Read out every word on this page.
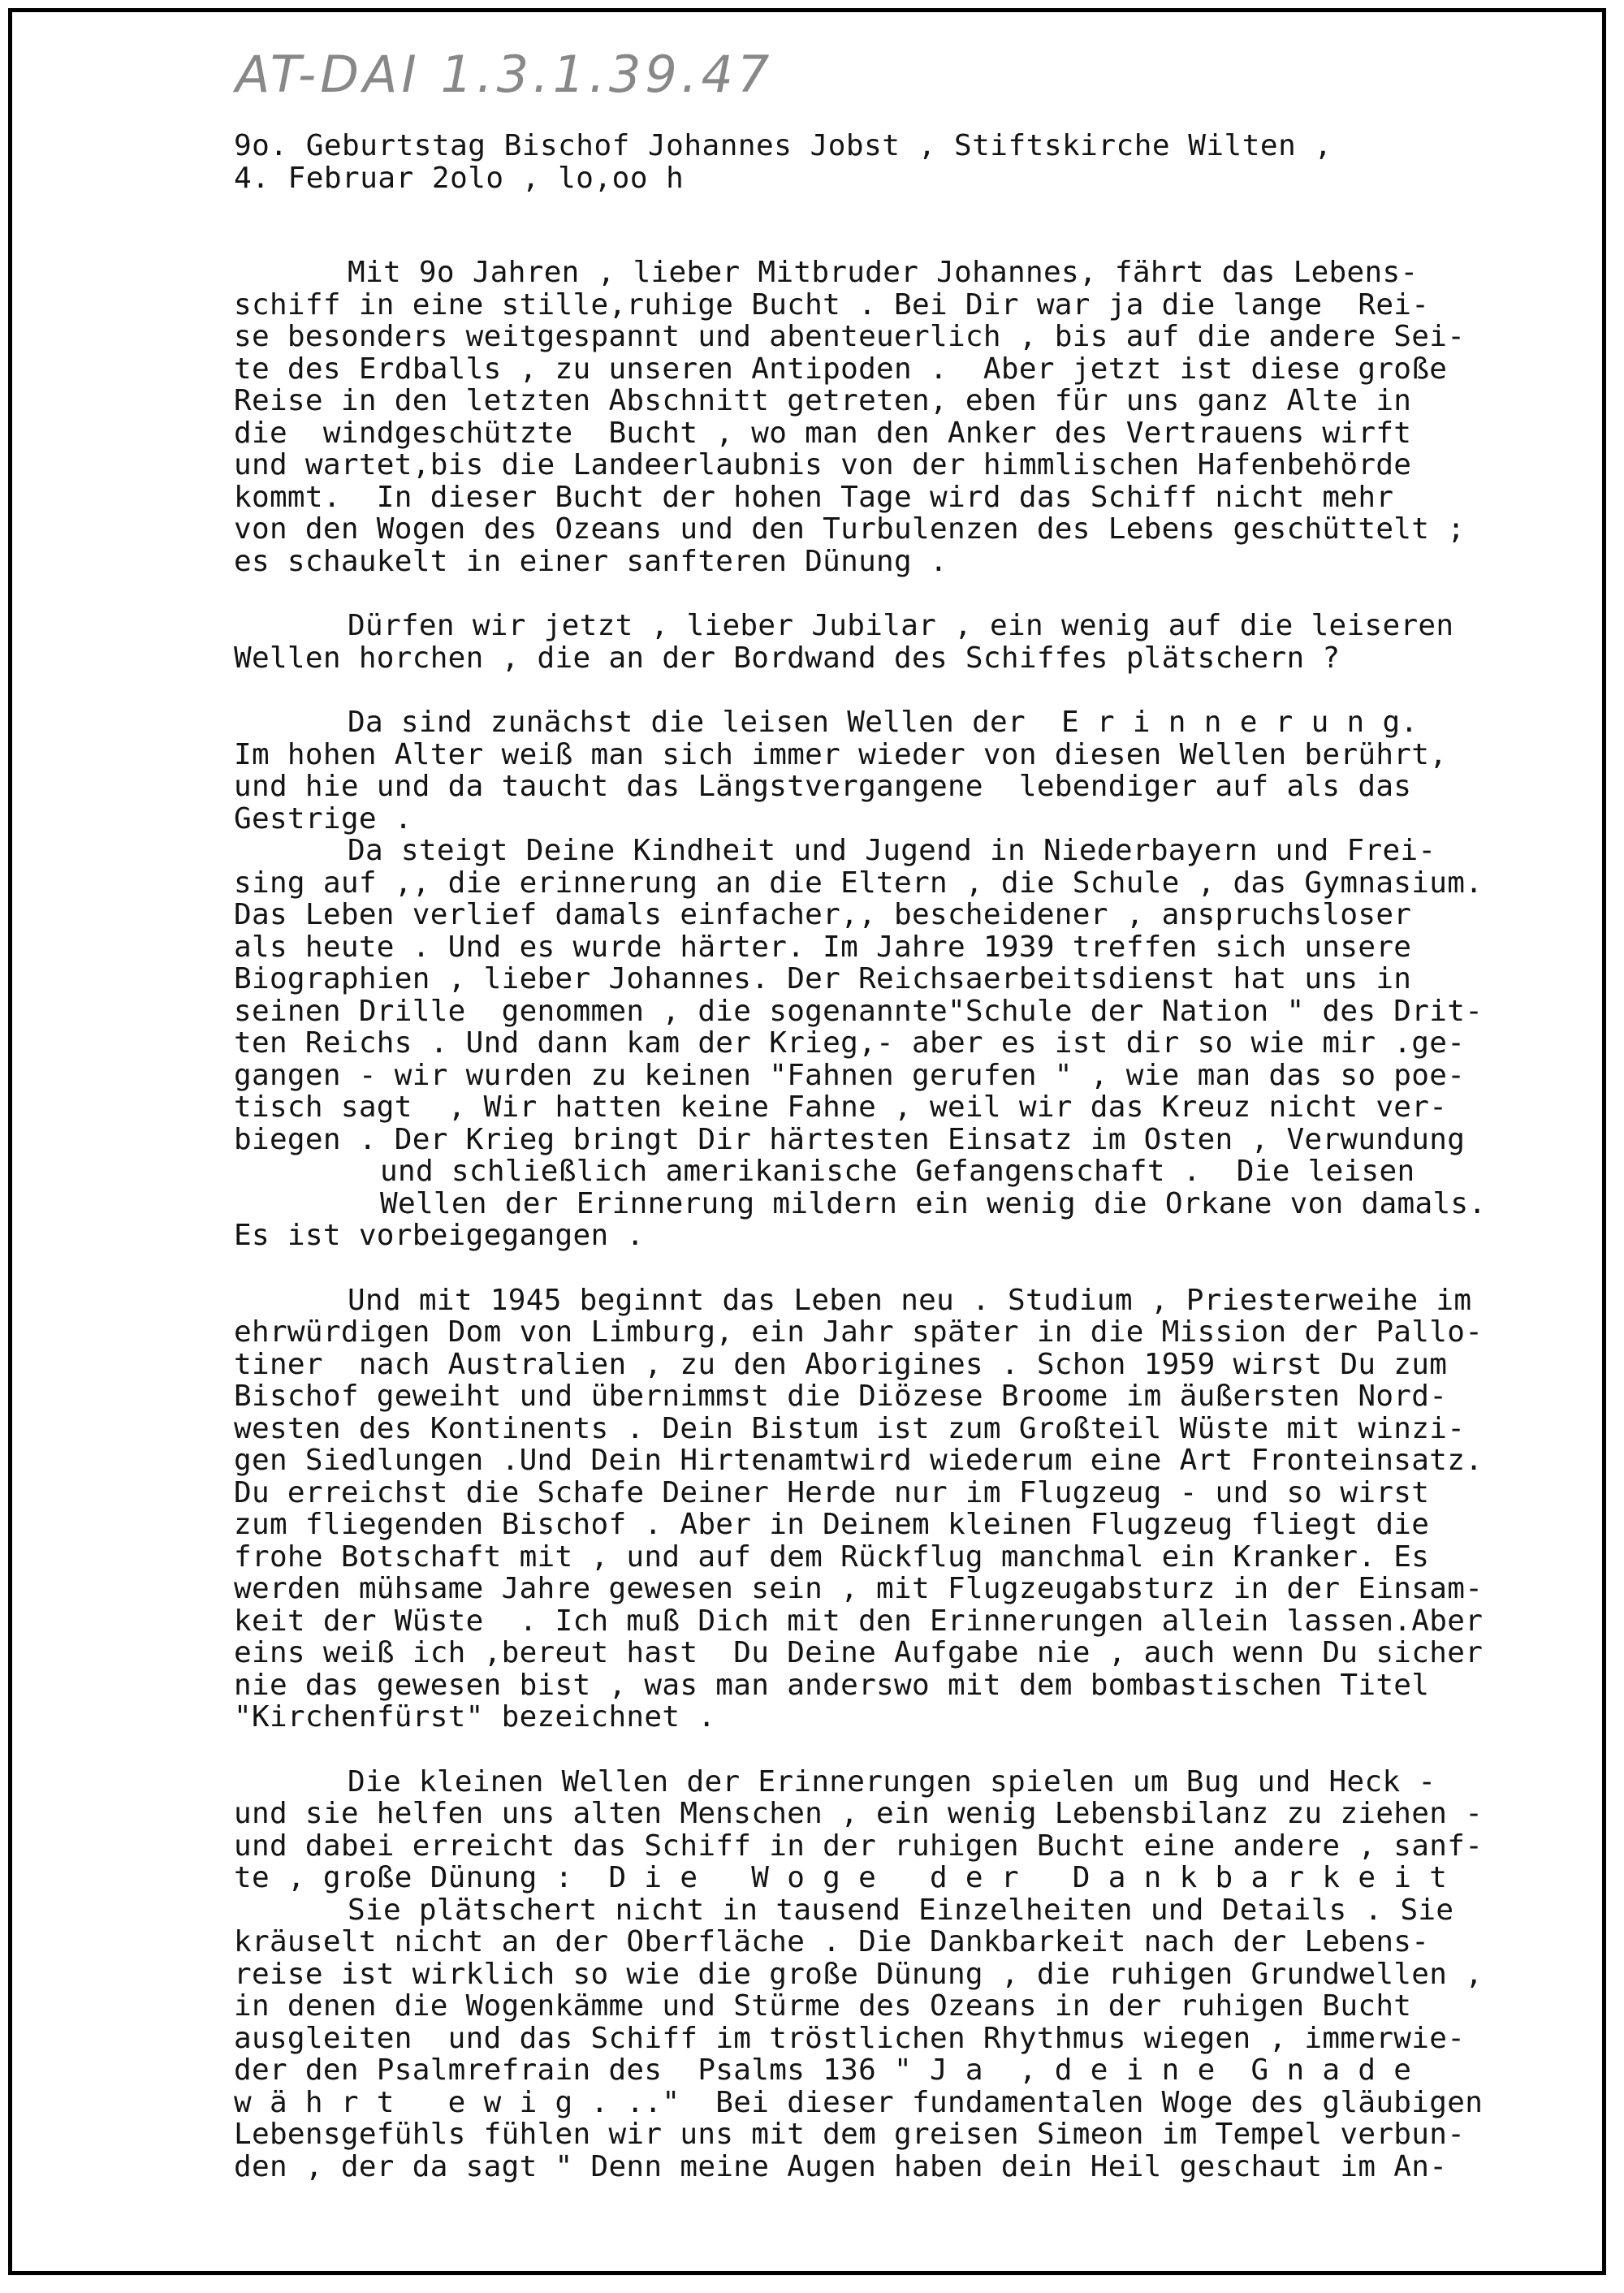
AT-DAI 1.3.1.39.47
9o. Geburtstag Bischof Johannes Jobst , Stiftskirche Wilten ,
4. Februar 2olo , lo,oo h
Mit 9o Jahren , lieber Mitbruder Johannes, fährt das Lebens-
schiff in eine stille,ruhige Bucht . Bei Dir war ja die lange  Rei-
se besonders weitgespannt und abenteuerlich , bis auf die andere Sei-
te des Erdballs , zu unseren Antipoden .  Aber jetzt ist diese große
Reise in den letzten Abschnitt getreten, eben für uns ganz Alte in
die  windgeschützte  Bucht , wo man den Anker des Vertrauens wirft
und wartet,bis die Landeerlaubnis von der himmlischen Hafenbehörde
kommt.  In dieser Bucht der hohen Tage wird das Schiff nicht mehr
von den Wogen des Ozeans und den Turbulenzen des Lebens geschüttelt ;
es schaukelt in einer sanfteren Dünung .
Dürfen wir jetzt , lieber Jubilar , ein wenig auf die leiseren
Wellen horchen , die an der Bordwand des Schiffes plätschern ?
Da sind zunächst die leisen Wellen der  E r i n n e r u n g.
Im hohen Alter weiß man sich immer wieder von diesen Wellen berührt,
und hie und da taucht das Längstvergangene  lebendiger auf als das
Gestrige .
Da steigt Deine Kindheit und Jugend in Niederbayern und Frei-
sing auf ,, die erinnerung an die Eltern , die Schule , das Gymnasium.
Das Leben verlief damals einfacher,, bescheidener , anspruchsloser
als heute . Und es wurde härter. Im Jahre 1939 treffen sich unsere
Biographien , lieber Johannes. Der Reichsaerbeitsdienst hat uns in
seinen Drille  genommen , die sogenannte"Schule der Nation " des Drit-
ten Reichs . Und dann kam der Krieg,- aber es ist dir so wie mir .ge-
gangen - wir wurden zu keinen "Fahnen gerufen " , wie man das so poe-
tisch sagt  , Wir hatten keine Fahne , weil wir das Kreuz nicht ver-
biegen . Der Krieg bringt Dir härtesten Einsatz im Osten , Verwundung
und schließlich amerikanische Gefangenschaft .  Die leisen
Wellen der Erinnerung mildern ein wenig die Orkane von damals.
Es ist vorbeigegangen .
Und mit 1945 beginnt das Leben neu . Studium , Priesterweihe im
ehrwürdigen Dom von Limburg, ein Jahr später in die Mission der Pallo-
tiner  nach Australien , zu den Aborigines . Schon 1959 wirst Du zum
Bischof geweiht und übernimmst die Diözese Broome im äußersten Nord-
westen des Kontinents . Dein Bistum ist zum Großteil Wüste mit winzi-
gen Siedlungen .Und Dein Hirtenamtwird wiederum eine Art Fronteinsatz.
Du erreichst die Schafe Deiner Herde nur im Flugzeug - und so wirst
zum fliegenden Bischof . Aber in Deinem kleinen Flugzeug fliegt die
frohe Botschaft mit , und auf dem Rückflug manchmal ein Kranker. Es
werden mühsame Jahre gewesen sein , mit Flugzeugabsturz in der Einsam-
keit der Wüste  . Ich muß Dich mit den Erinnerungen allein lassen.Aber
eins weiß ich ,bereut hast  Du Deine Aufgabe nie , auch wenn Du sicher
nie das gewesen bist , was man anderswo mit dem bombastischen Titel
"Kirchenfürst" bezeichnet .
Die kleinen Wellen der Erinnerungen spielen um Bug und Heck -
und sie helfen uns alten Menschen , ein wenig Lebensbilanz zu ziehen -
und dabei erreicht das Schiff in der ruhigen Bucht eine andere , sanf-
te , große Dünung :  D i e   W o g e   d e r   D a n k b a r k e i t
Sie plätschert nicht in tausend Einzelheiten und Details . Sie
kräuselt nicht an der Oberfläche . Die Dankbarkeit nach der Lebens-
reise ist wirklich so wie die große Dünung , die ruhigen Grundwellen ,
in denen die Wogenkämme und Stürme des Ozeans in der ruhigen Bucht
ausgleiten  und das Schiff im tröstlichen Rhythmus wiegen , immerwie-
der den Psalmrefrain des  Psalms 136 " J a  , d e i n e  G n a d e
w ä h r t   e w i g . .."  Bei dieser fundamentalen Woge des gläubigen
Lebensgefühls fühlen wir uns mit dem greisen Simeon im Tempel verbun-
den , der da sagt " Denn meine Augen haben dein Heil geschaut im An-
